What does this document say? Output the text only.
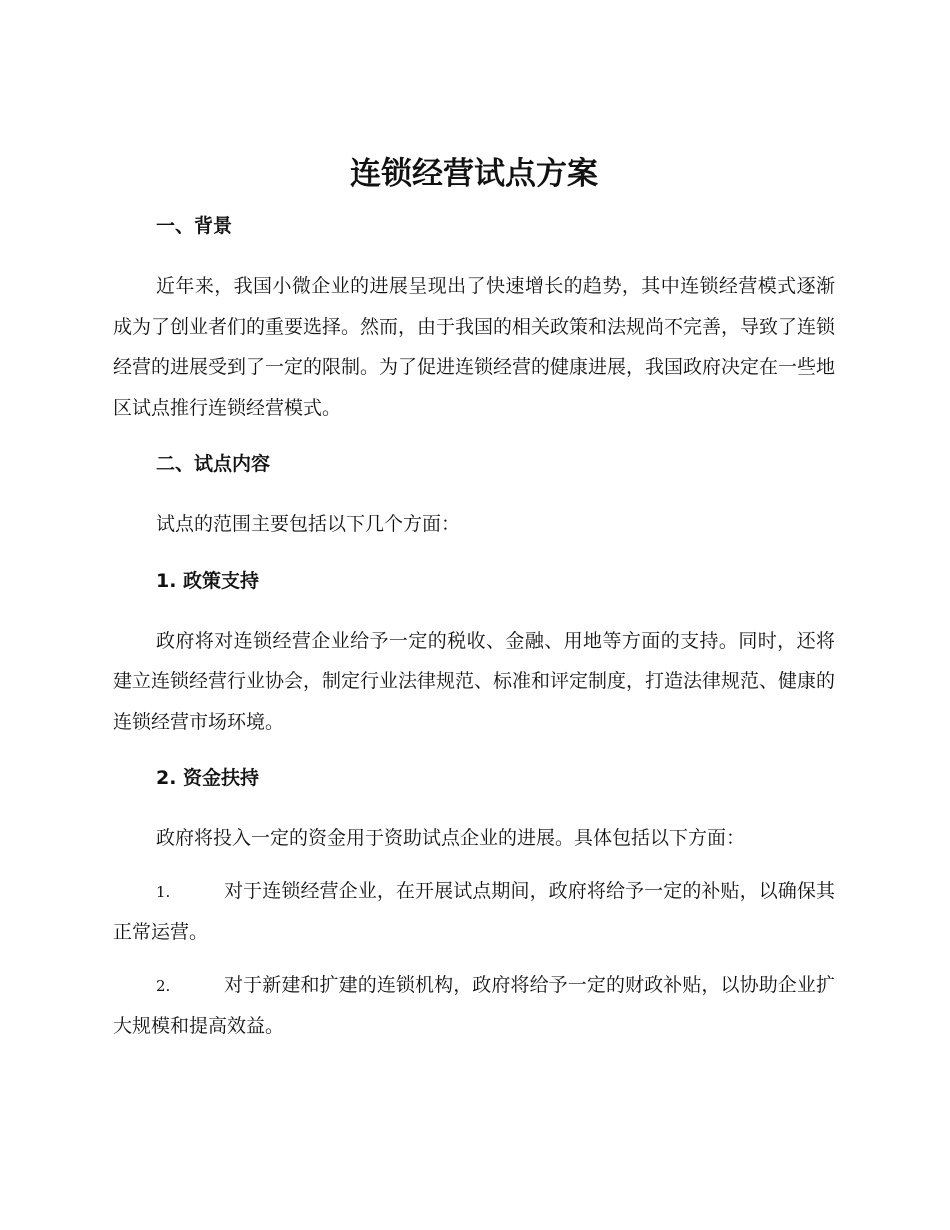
连锁经营试点方案
一、背景

近年来，我国小微企业的进展呈现出了快速增长的趋势，其中连锁经营模式逐渐成为了创业者们的重要选择。然而，由于我国的相关政策和法规尚不完善，导致了连锁经营的进展受到了一定的限制。为了促进连锁经营的健康进展，我国政府决定在一些地区试点推行连锁经营模式。

二、试点内容

试点的范围主要包括以下几个方面：

1. 政策支持

政府将对连锁经营企业给予一定的税收、金融、用地等方面的支持。同时，还将建立连锁经营行业协会，制定行业法律规范、标准和评定制度，打造法律规范、健康的连锁经营市场环境。

2. 资金扶持

政府将投入一定的资金用于资助试点企业的进展。具体包括以下方面：

1.	对于连锁经营企业，在开展试点期间，政府将给予一定的补贴，以确保其正常运营。

2.	对于新建和扩建的连锁机构，政府将给予一定的财政补贴，以协助企业扩大规模和提高效益。
